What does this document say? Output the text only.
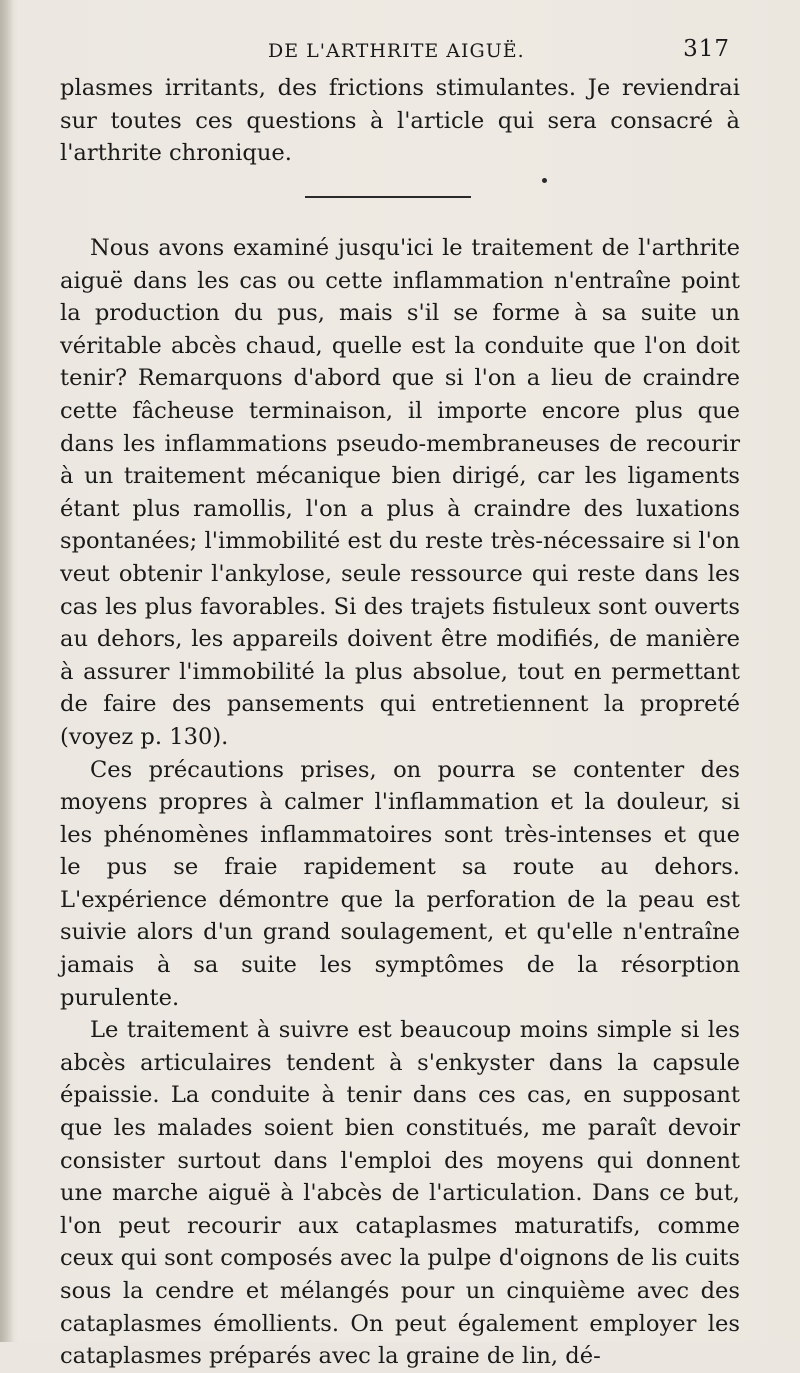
DE L'ARTHRITE AIGUË.	317

plasmes irritants, des frictions stimulantes. Je reviendrai sur toutes ces questions à l'article qui sera consacré à l'arthrite chronique.

Nous avons examiné jusqu'ici le traitement de l'arthrite aiguë dans les cas ou cette inflammation n'entraîne point la production du pus, mais s'il se forme à sa suite un véritable abcès chaud, quelle est la conduite que l'on doit tenir? Remarquons d'abord que si l'on a lieu de craindre cette fâcheuse terminaison, il importe encore plus que dans les inflammations pseudo-membraneuses de recourir à un traitement mécanique bien dirigé, car les ligaments étant plus ramollis, l'on a plus à craindre des luxations spontanées; l'immobilité est du reste très-nécessaire si l'on veut obtenir l'ankylose, seule ressource qui reste dans les cas les plus favorables. Si des trajets fistuleux sont ouverts au dehors, les appareils doivent être modifiés, de manière à assurer l'immobilité la plus absolue, tout en permettant de faire des pansements qui entretiennent la propreté (voyez p. 130).

Ces précautions prises, on pourra se contenter des moyens propres à calmer l'inflammation et la douleur, si les phénomènes inflammatoires sont très-intenses et que le pus se fraie rapidement sa route au dehors. L'expérience démontre que la perforation de la peau est suivie alors d'un grand soulagement, et qu'elle n'entraîne jamais à sa suite les symptômes de la résorption purulente.

Le traitement à suivre est beaucoup moins simple si les abcès articulaires tendent à s'enkyster dans la capsule épaissie. La conduite à tenir dans ces cas, en supposant que les malades soient bien constitués, me paraît devoir consister surtout dans l'emploi des moyens qui donnent une marche aiguë à l'abcès de l'articulation. Dans ce but, l'on peut recourir aux cataplasmes maturatifs, comme ceux qui sont composés avec la pulpe d'oignons de lis cuits sous la cendre et mélangés pour un cinquième avec des cataplasmes émollients. On peut également employer les cataplasmes préparés avec la graine de lin, dé-
